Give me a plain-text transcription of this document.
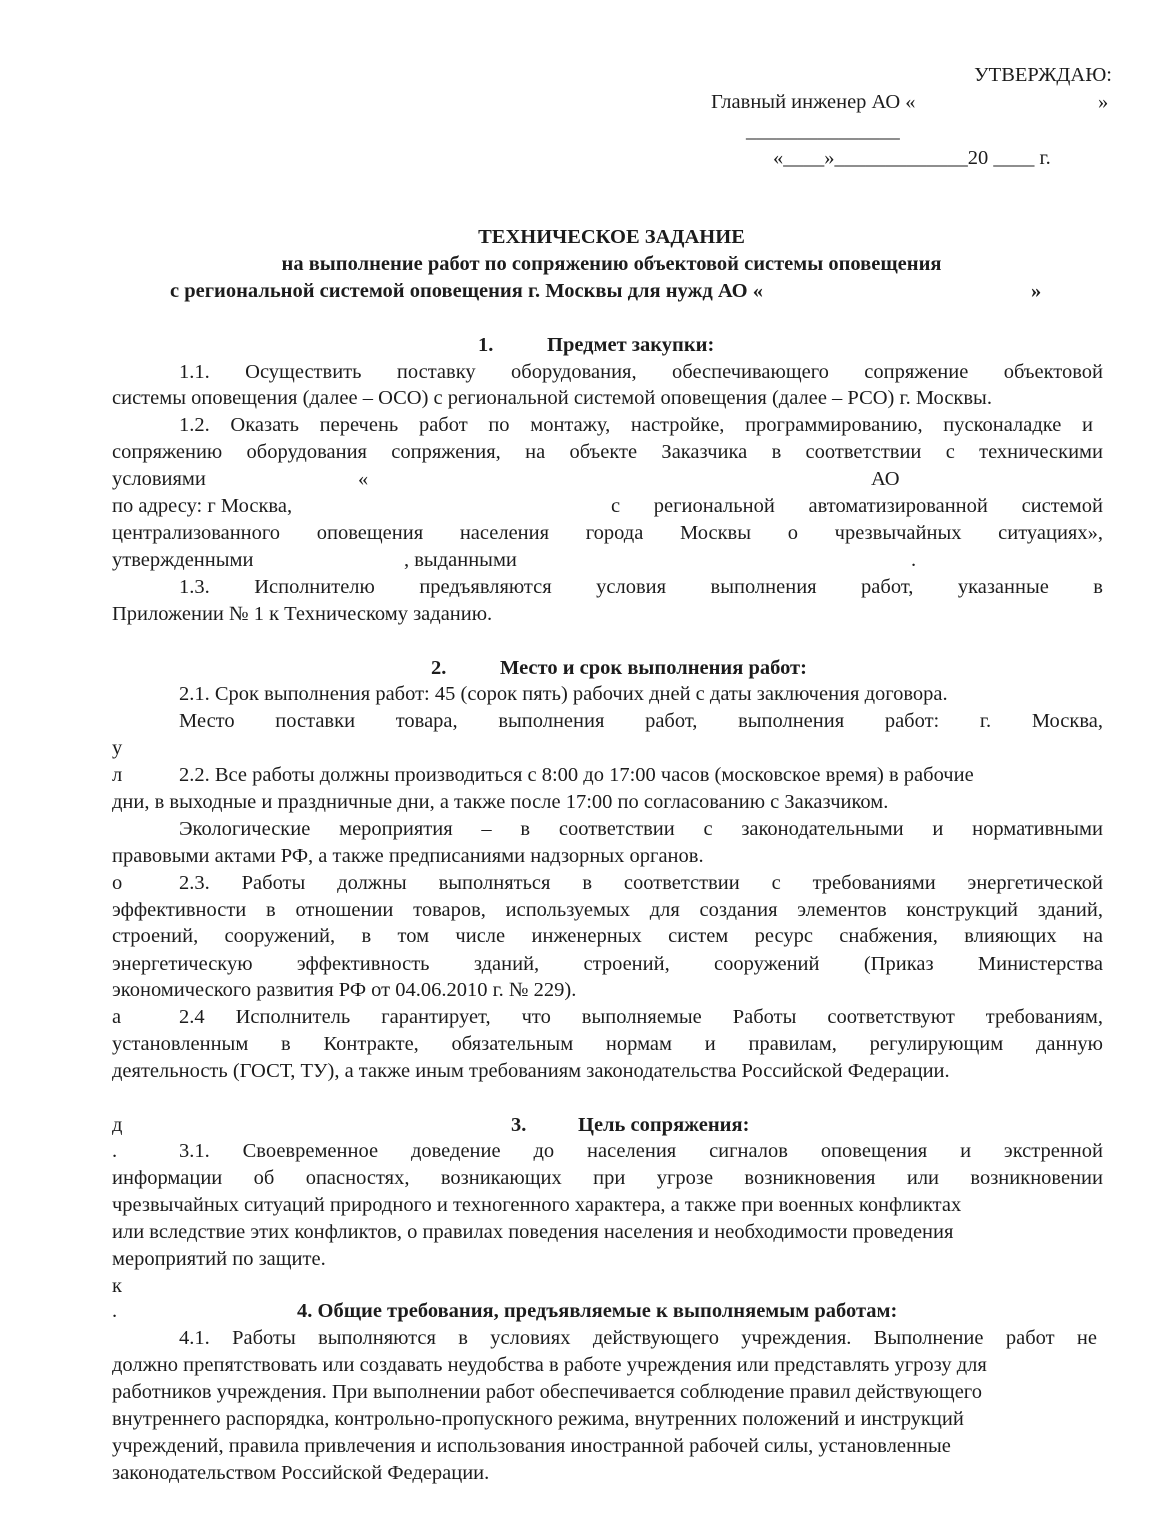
УТВЕРЖДАЮ:
Главный инженер АО «	»
_______________
«____»_____________20 ____ г.
ТЕХНИЧЕСКОЕ ЗАДАНИЕ
на выполнение работ по сопряжению объектовой системы оповещения
с региональной системой оповещения г. Москвы для нужд АО «	»
1.	Предмет закупки:
1.1. Осуществить поставку оборудования, обеспечивающего сопряжение объектовой
системы оповещения (далее – ОСО) с региональной системой оповещения (далее – РСО) г. Москвы.
1.2. Оказать перечень работ по монтажу, настройке, программированию, пусконаладке и
сопряжению оборудования сопряжения, на объекте Заказчика в соответствии с техническими
условиями	«	АО
по адресу: г Москва,	с региональной автоматизированной системой
централизованного оповещения населения города Москвы о чрезвычайных ситуациях»,
утвержденными	, выданными	.
1.3. Исполнителю предъявляются условия выполнения работ, указанные в
Приложении № 1 к Техническому заданию.
2.	Место и срок выполнения работ:
2.1. Срок выполнения работ: 45 (сорок пять) рабочих дней с даты заключения договора.
Место поставки товара, выполнения работ, выполнения работ: г. Москва,
2.2. Все работы должны производиться с 8:00 до 17:00 часов (московское время) в рабочие
дни, в выходные и праздничные дни, а также после 17:00 по согласованию с Заказчиком.
Экологические мероприятия – в соответствии с законодательными и нормативными
правовыми актами РФ, а также предписаниями надзорных органов.
2.3. Работы должны выполняться в соответствии с требованиями энергетической
эффективности в отношении товаров, используемых для создания элементов конструкций зданий,
строений, сооружений, в том числе инженерных систем ресурс снабжения, влияющих на
энергетическую эффективность зданий, строений, сооружений (Приказ Министерства
экономического развития РФ от 04.06.2010 г. № 229).
2.4 Исполнитель гарантирует, что выполняемые Работы соответствуют требованиям,
установленным в Контракте, обязательным нормам и правилам, регулирующим данную
деятельность (ГОСТ, ТУ), а также иным требованиям законодательства Российской Федерации.
3.	Цель сопряжения:
3.1. Своевременное доведение до населения сигналов оповещения и экстренной
информации об опасностях, возникающих при угрозе возникновения или возникновении
чрезвычайных ситуаций природного и техногенного характера, а также при военных конфликтах
или вследствие этих конфликтов, о правилах поведения населения и необходимости проведения
мероприятий по защите.
4. Общие требования, предъявляемые к выполняемым работам:
4.1. Работы выполняются в условиях действующего учреждения. Выполнение работ не
должно препятствовать или создавать неудобства в работе учреждения или представлять угрозу для
работников учреждения. При выполнении работ обеспечивается соблюдение правил действующего
внутреннего распорядка, контрольно-пропускного режима, внутренних положений и инструкций
учреждений, правила привлечения и использования иностранной рабочей силы, установленные
законодательством Российской Федерации.
у
л
о
а
д
.
к
.
